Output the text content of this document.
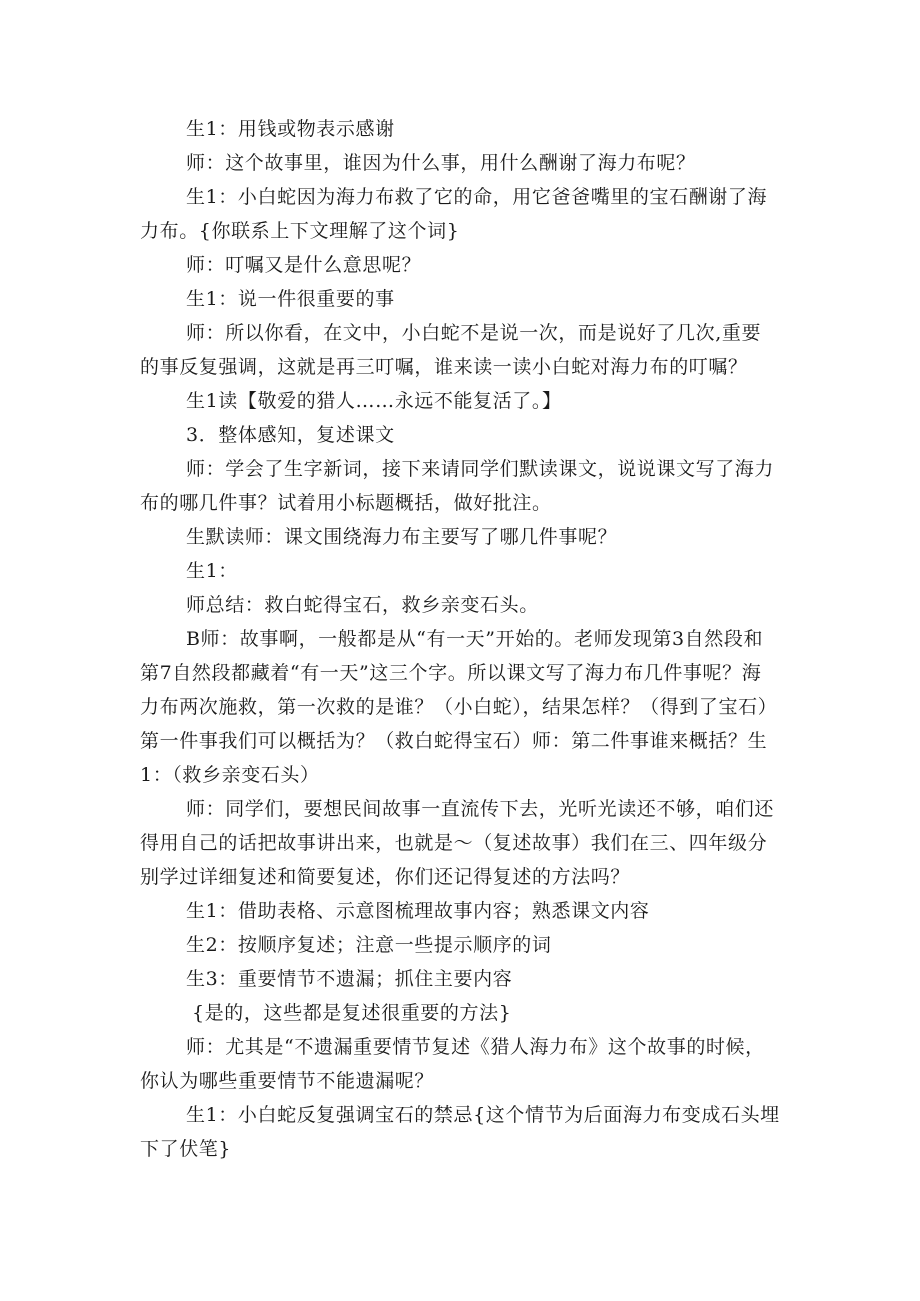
生1：用钱或物表示感谢

师：这个故事里，谁因为什么事，用什么酬谢了海力布呢？

生1：小白蛇因为海力布救了它的命，用它爸爸嘴里的宝石酬谢了海力布。{你联系上下文理解了这个词}

师：叮嘱又是什么意思呢？

生1：说一件很重要的事

师：所以你看，在文中，小白蛇不是说一次，而是说好了几次,重要的事反复强调，这就是再三叮嘱，谁来读一读小白蛇对海力布的叮嘱？

生1读【敬爱的猎人……永远不能复活了。】

3．整体感知，复述课文

师：学会了生字新词，接下来请同学们默读课文，说说课文写了海力布的哪几件事？试着用小标题概括，做好批注。

生默读师：课文围绕海力布主要写了哪几件事呢？

生1：

师总结：救白蛇得宝石，救乡亲变石头。

B师：故事啊，一般都是从“有一天”开始的。老师发现第3自然段和第7自然段都藏着“有一天”这三个字。所以课文写了海力布几件事呢？海力布两次施救，第一次救的是谁？（小白蛇），结果怎样？（得到了宝石）第一件事我们可以概括为？（救白蛇得宝石）师：第二件事谁来概括？生1：（救乡亲变石头）

师：同学们，要想民间故事一直流传下去，光听光读还不够，咱们还得用自己的话把故事讲出来，也就是～（复述故事）我们在三、四年级分别学过详细复述和简要复述，你们还记得复述的方法吗？

生1：借助表格、示意图梳理故事内容；熟悉课文内容

生2：按顺序复述；注意一些提示顺序的词

生3：重要情节不遗漏；抓住主要内容

{是的，这些都是复述很重要的方法}

师：尤其是“不遗漏重要情节复述《猎人海力布》这个故事的时候，你认为哪些重要情节不能遗漏呢？

生1：小白蛇反复强调宝石的禁忌{这个情节为后面海力布变成石头埋下了伏笔}
